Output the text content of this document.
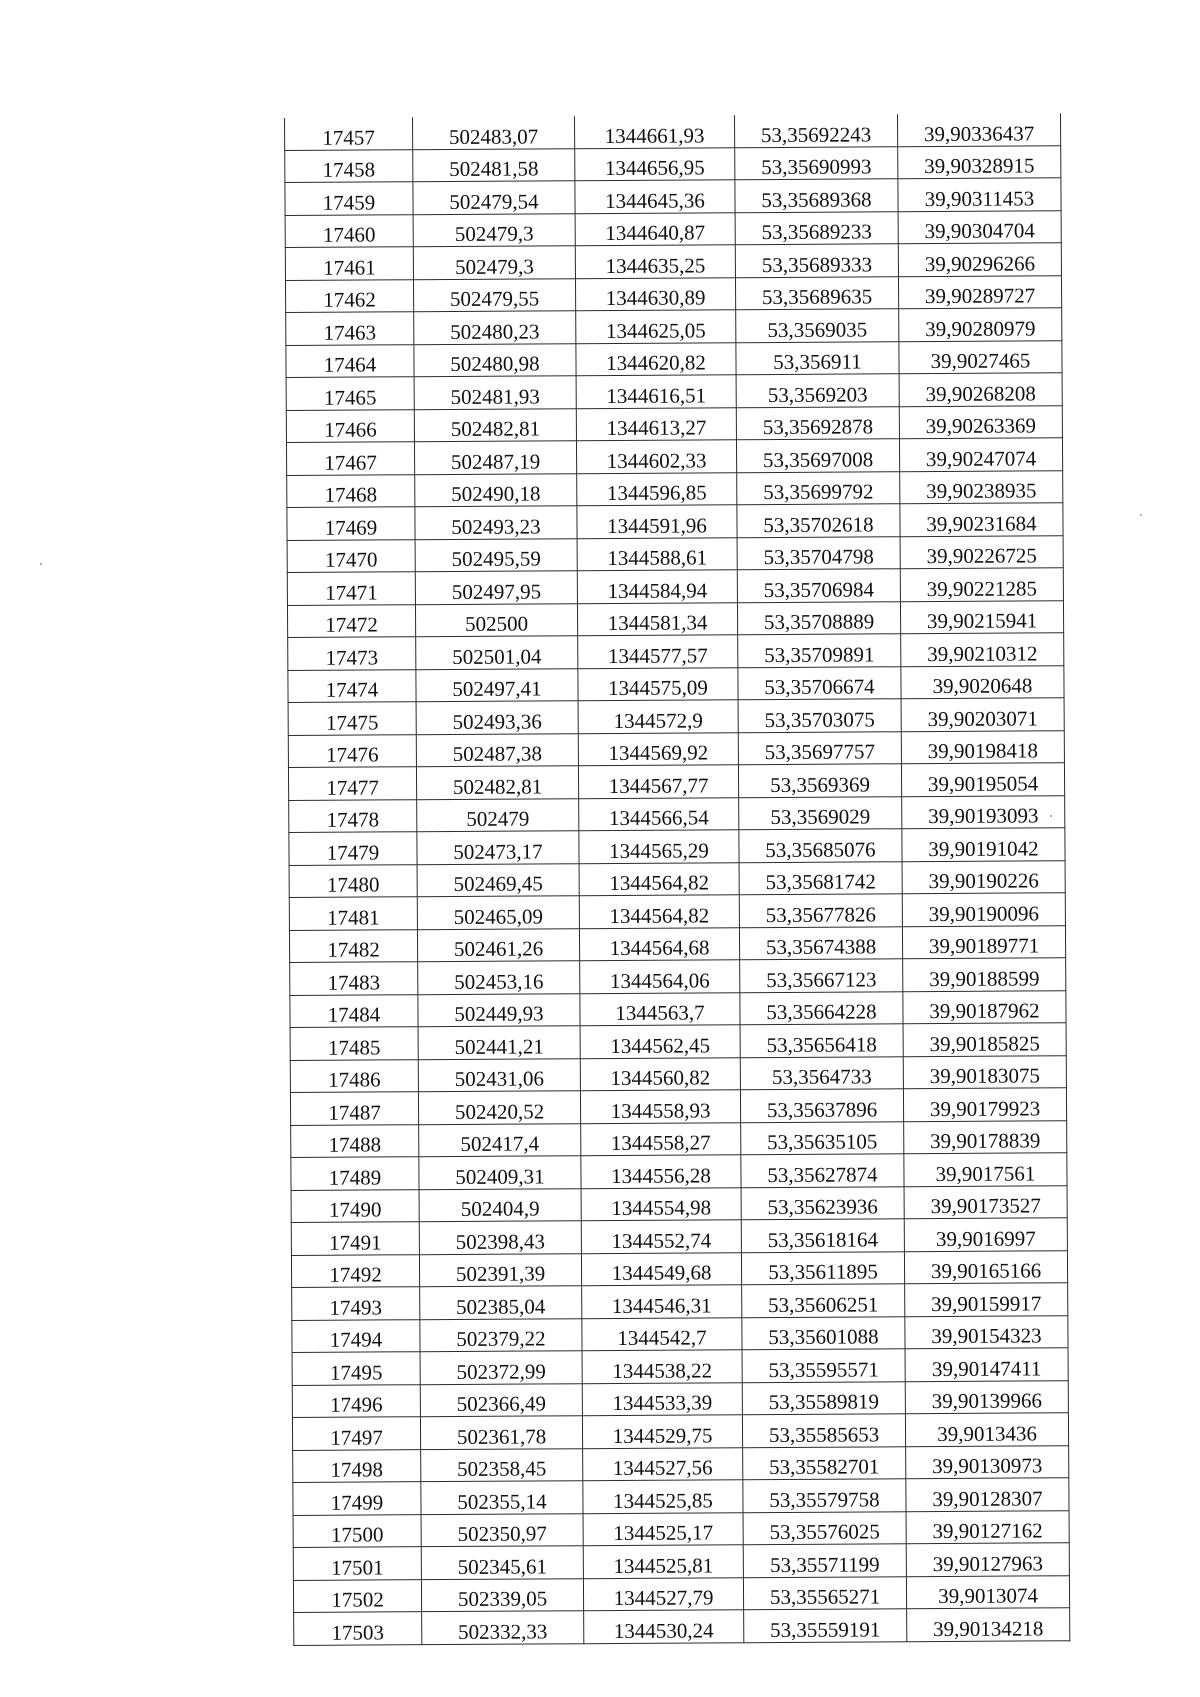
17457	502483,07	1344661,93	53,35692243	39,90336437
17458	502481,58	1344656,95	53,35690993	39,90328915
17459	502479,54	1344645,36	53,35689368	39,90311453
17460	502479,3	1344640,87	53,35689233	39,90304704
17461	502479,3	1344635,25	53,35689333	39,90296266
17462	502479,55	1344630,89	53,35689635	39,90289727
17463	502480,23	1344625,05	53,3569035	39,90280979
17464	502480,98	1344620,82	53,356911	39,9027465
17465	502481,93	1344616,51	53,3569203	39,90268208
17466	502482,81	1344613,27	53,35692878	39,90263369
17467	502487,19	1344602,33	53,35697008	39,90247074
17468	502490,18	1344596,85	53,35699792	39,90238935
17469	502493,23	1344591,96	53,35702618	39,90231684
17470	502495,59	1344588,61	53,35704798	39,90226725
17471	502497,95	1344584,94	53,35706984	39,90221285
17472	502500	1344581,34	53,35708889	39,90215941
17473	502501,04	1344577,57	53,35709891	39,90210312
17474	502497,41	1344575,09	53,35706674	39,9020648
17475	502493,36	1344572,9	53,35703075	39,90203071
17476	502487,38	1344569,92	53,35697757	39,90198418
17477	502482,81	1344567,77	53,3569369	39,90195054
17478	502479	1344566,54	53,3569029	39,90193093
17479	502473,17	1344565,29	53,35685076	39,90191042
17480	502469,45	1344564,82	53,35681742	39,90190226
17481	502465,09	1344564,82	53,35677826	39,90190096
17482	502461,26	1344564,68	53,35674388	39,90189771
17483	502453,16	1344564,06	53,35667123	39,90188599
17484	502449,93	1344563,7	53,35664228	39,90187962
17485	502441,21	1344562,45	53,35656418	39,90185825
17486	502431,06	1344560,82	53,3564733	39,90183075
17487	502420,52	1344558,93	53,35637896	39,90179923
17488	502417,4	1344558,27	53,35635105	39,90178839
17489	502409,31	1344556,28	53,35627874	39,9017561
17490	502404,9	1344554,98	53,35623936	39,90173527
17491	502398,43	1344552,74	53,35618164	39,9016997
17492	502391,39	1344549,68	53,35611895	39,90165166
17493	502385,04	1344546,31	53,35606251	39,90159917
17494	502379,22	1344542,7	53,35601088	39,90154323
17495	502372,99	1344538,22	53,35595571	39,90147411
17496	502366,49	1344533,39	53,35589819	39,90139966
17497	502361,78	1344529,75	53,35585653	39,9013436
17498	502358,45	1344527,56	53,35582701	39,90130973
17499	502355,14	1344525,85	53,35579758	39,90128307
17500	502350,97	1344525,17	53,35576025	39,90127162
17501	502345,61	1344525,81	53,35571199	39,90127963
17502	502339,05	1344527,79	53,35565271	39,9013074
17503	502332,33	1344530,24	53,35559191	39,90134218
